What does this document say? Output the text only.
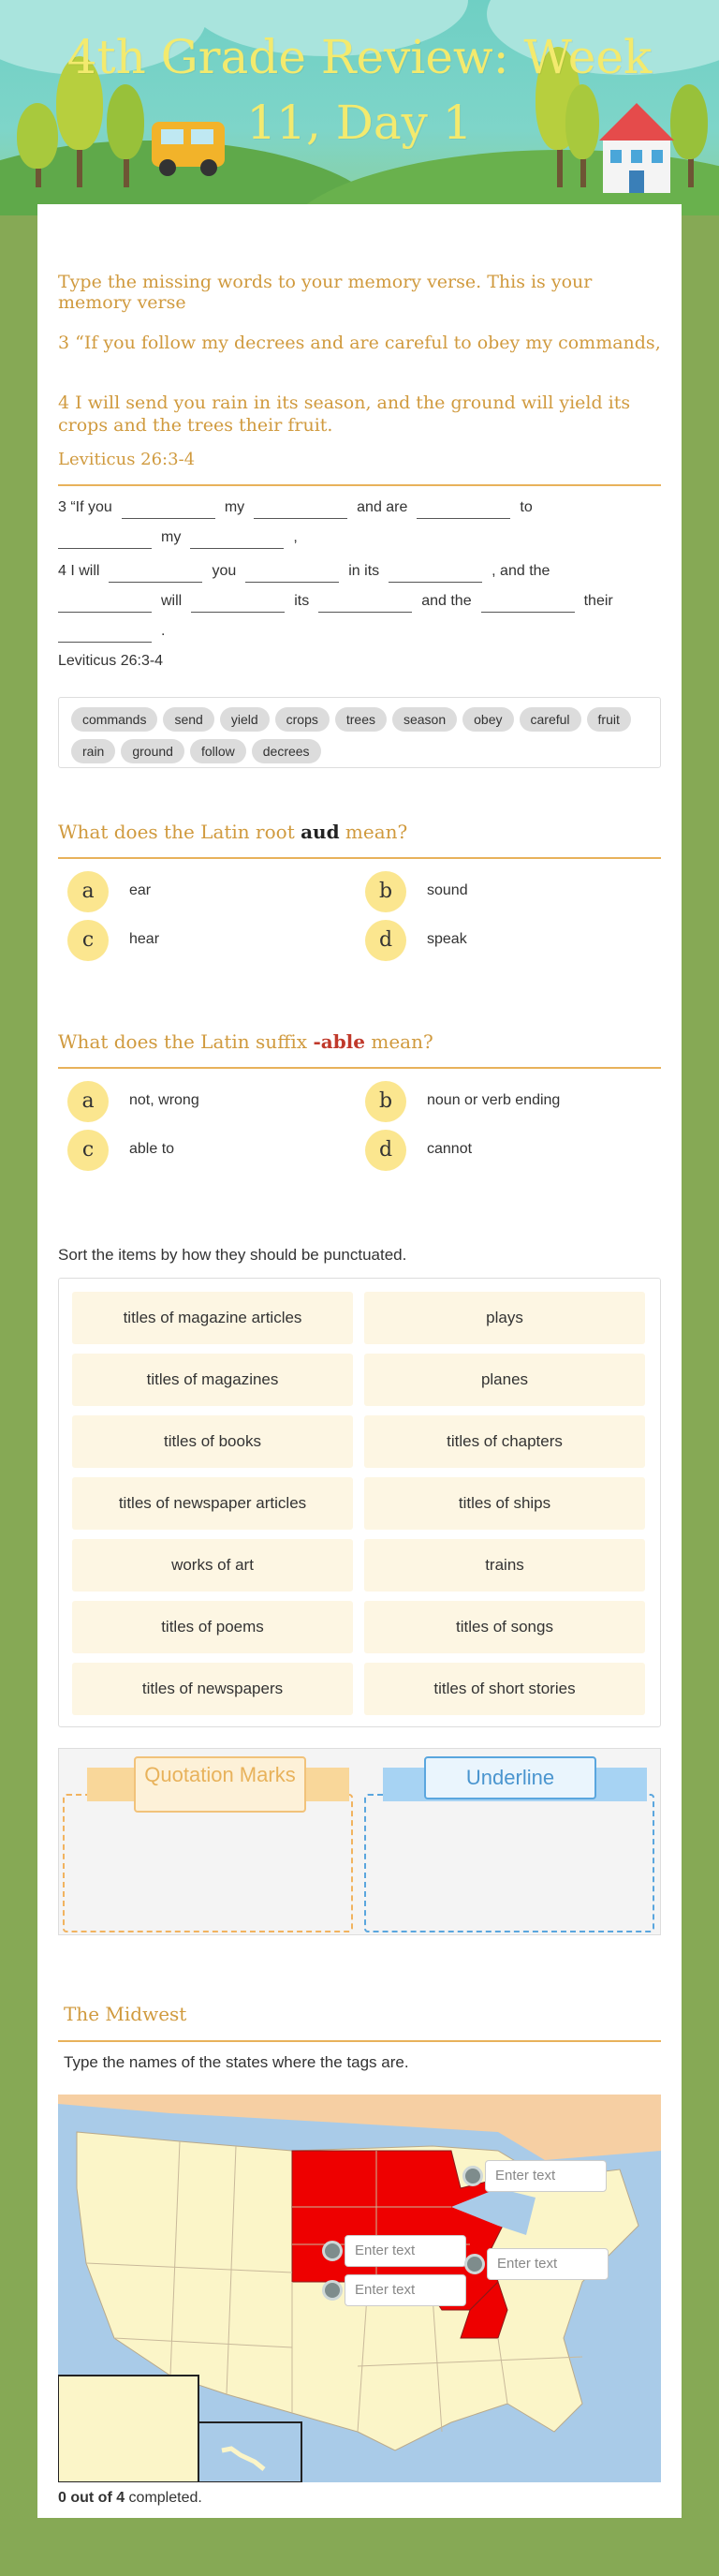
4th Grade Review: Week 11, Day 1
Type the missing words to your memory verse. This is your memory verse
3 “If you follow my decrees and are careful to obey my commands,
4 I will send you rain in its season, and the ground will yield its crops and the trees their fruit.
Leviticus 26:3-4
3 “If you	my	and are	to
my	,
4 I will	you	in its	, and the
will	its	and the	their
.
Leviticus 26:3-4
commands send yield crops trees season obey careful fruitrain ground follow decrees
What does the Latin root aud mean?
a	ear	b	sound
c	hear	d	speak
What does the Latin suffix -able mean?
a	not, wrong	b	noun or verb ending
c	able to	d	cannot
Sort the items by how they should be punctuated.
titles of magazine articles	plays
titles of magazines	planes
titles of books	titles of chapters
titles of newspaper articles	titles of ships
works of art	trains
titles of poems	titles of songs
titles of newspapers	titles of short stories
Quotation Marks	Underline
The Midwest
Type the names of the states where the tags are.
Enter text
Enter text
Enter text
Enter text
0 out of 4 completed.
